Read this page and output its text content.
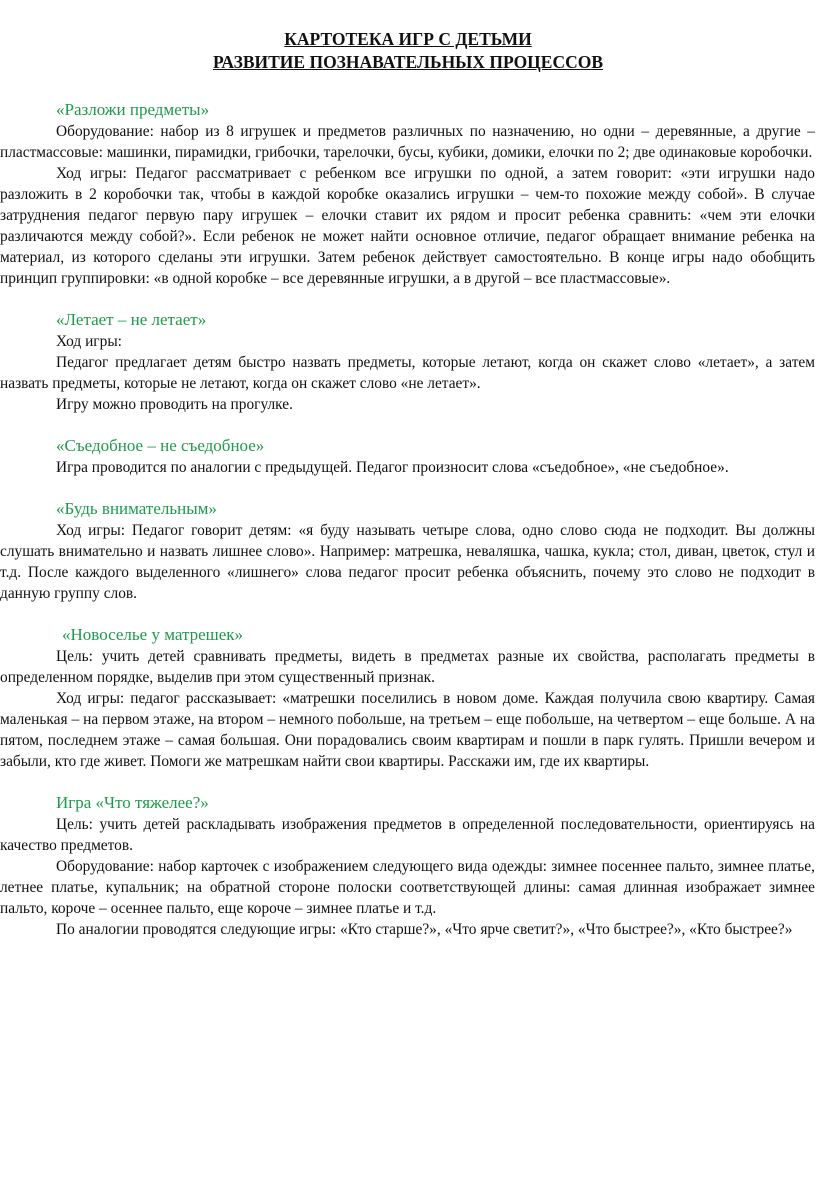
КАРТОТЕКА ИГР С ДЕТЬМИ

РАЗВИТИЕ ПОЗНАВАТЕЛЬНЫХ ПРОЦЕССОВ

«Разложи предметы»

Оборудование: набор из 8 игрушек и предметов различных по назначению, но одни – деревянные, а другие – пластмассовые: машинки, пирамидки, грибочки, тарелочки, бусы, кубики, домики, елочки по 2; две одинаковые коробочки.

Ход игры: Педагог рассматривает с ребенком все игрушки по одной, а затем говорит: «эти игрушки надо разложить в 2 коробочки так, чтобы в каждой коробке оказались игрушки – чем-то похожие между собой». В случае затруднения педагог первую пару игрушек – елочки ставит их рядом и просит ребенка сравнить: «чем эти елочки различаются между собой?». Если ребенок не может найти основное отличие, педагог обращает внимание ребенка на материал, из которого сделаны эти игрушки. Затем ребенок действует самостоятельно. В конце игры надо обобщить принцип группировки: «в одной коробке – все деревянные игрушки, а в другой – все пластмассовые».

«Летает – не летает»

Ход игры:

Педагог предлагает детям быстро назвать предметы, которые летают, когда он скажет слово «летает», а затем назвать предметы, которые не летают, когда он скажет слово «не летает».

Игру можно проводить на прогулке.

«Съедобное – не съедобное»

Игра проводится по аналогии с предыдущей. Педагог произносит слова «съедобное», «не съедобное».

«Будь внимательным»

Ход игры: Педагог говорит детям: «я буду называть четыре слова, одно слово сюда не подходит. Вы должны слушать внимательно и назвать лишнее слово». Например: матрешка, неваляшка, чашка, кукла; стол, диван, цветок, стул и т.д. После каждого выделенного «лишнего» слова педагог просит ребенка объяснить, почему это слово не подходит в данную группу слов.

«Новоселье у матрешек»

Цель: учить детей сравнивать предметы, видеть в предметах разные их свойства, располагать предметы в определенном порядке, выделив при этом существенный признак.

Ход игры: педагог рассказывает: «матрешки поселились в новом доме. Каждая получила свою квартиру. Самая маленькая – на первом этаже, на втором – немного побольше, на третьем – еще побольше, на четвертом – еще больше. А на пятом, последнем этаже – самая большая. Они порадовались своим квартирам и пошли в парк гулять. Пришли вечером и забыли, кто где живет. Помоги же матрешкам найти свои квартиры. Расскажи им, где их квартиры.

Игра «Что тяжелее?»

Цель: учить детей раскладывать изображения предметов в определенной последовательности, ориентируясь на качество предметов.

Оборудование: набор карточек с изображением следующего вида одежды: зимнее посеннее пальто, зимнее платье, летнее платье, купальник; на обратной стороне полоски соответствующей длины: самая длинная изображает зимнее пальто, короче – осеннее пальто, еще короче – зимнее платье и т.д.

По аналогии проводятся следующие игры: «Кто старше?», «Что ярче светит?», «Что быстрее?», «Кто быстрее?»
